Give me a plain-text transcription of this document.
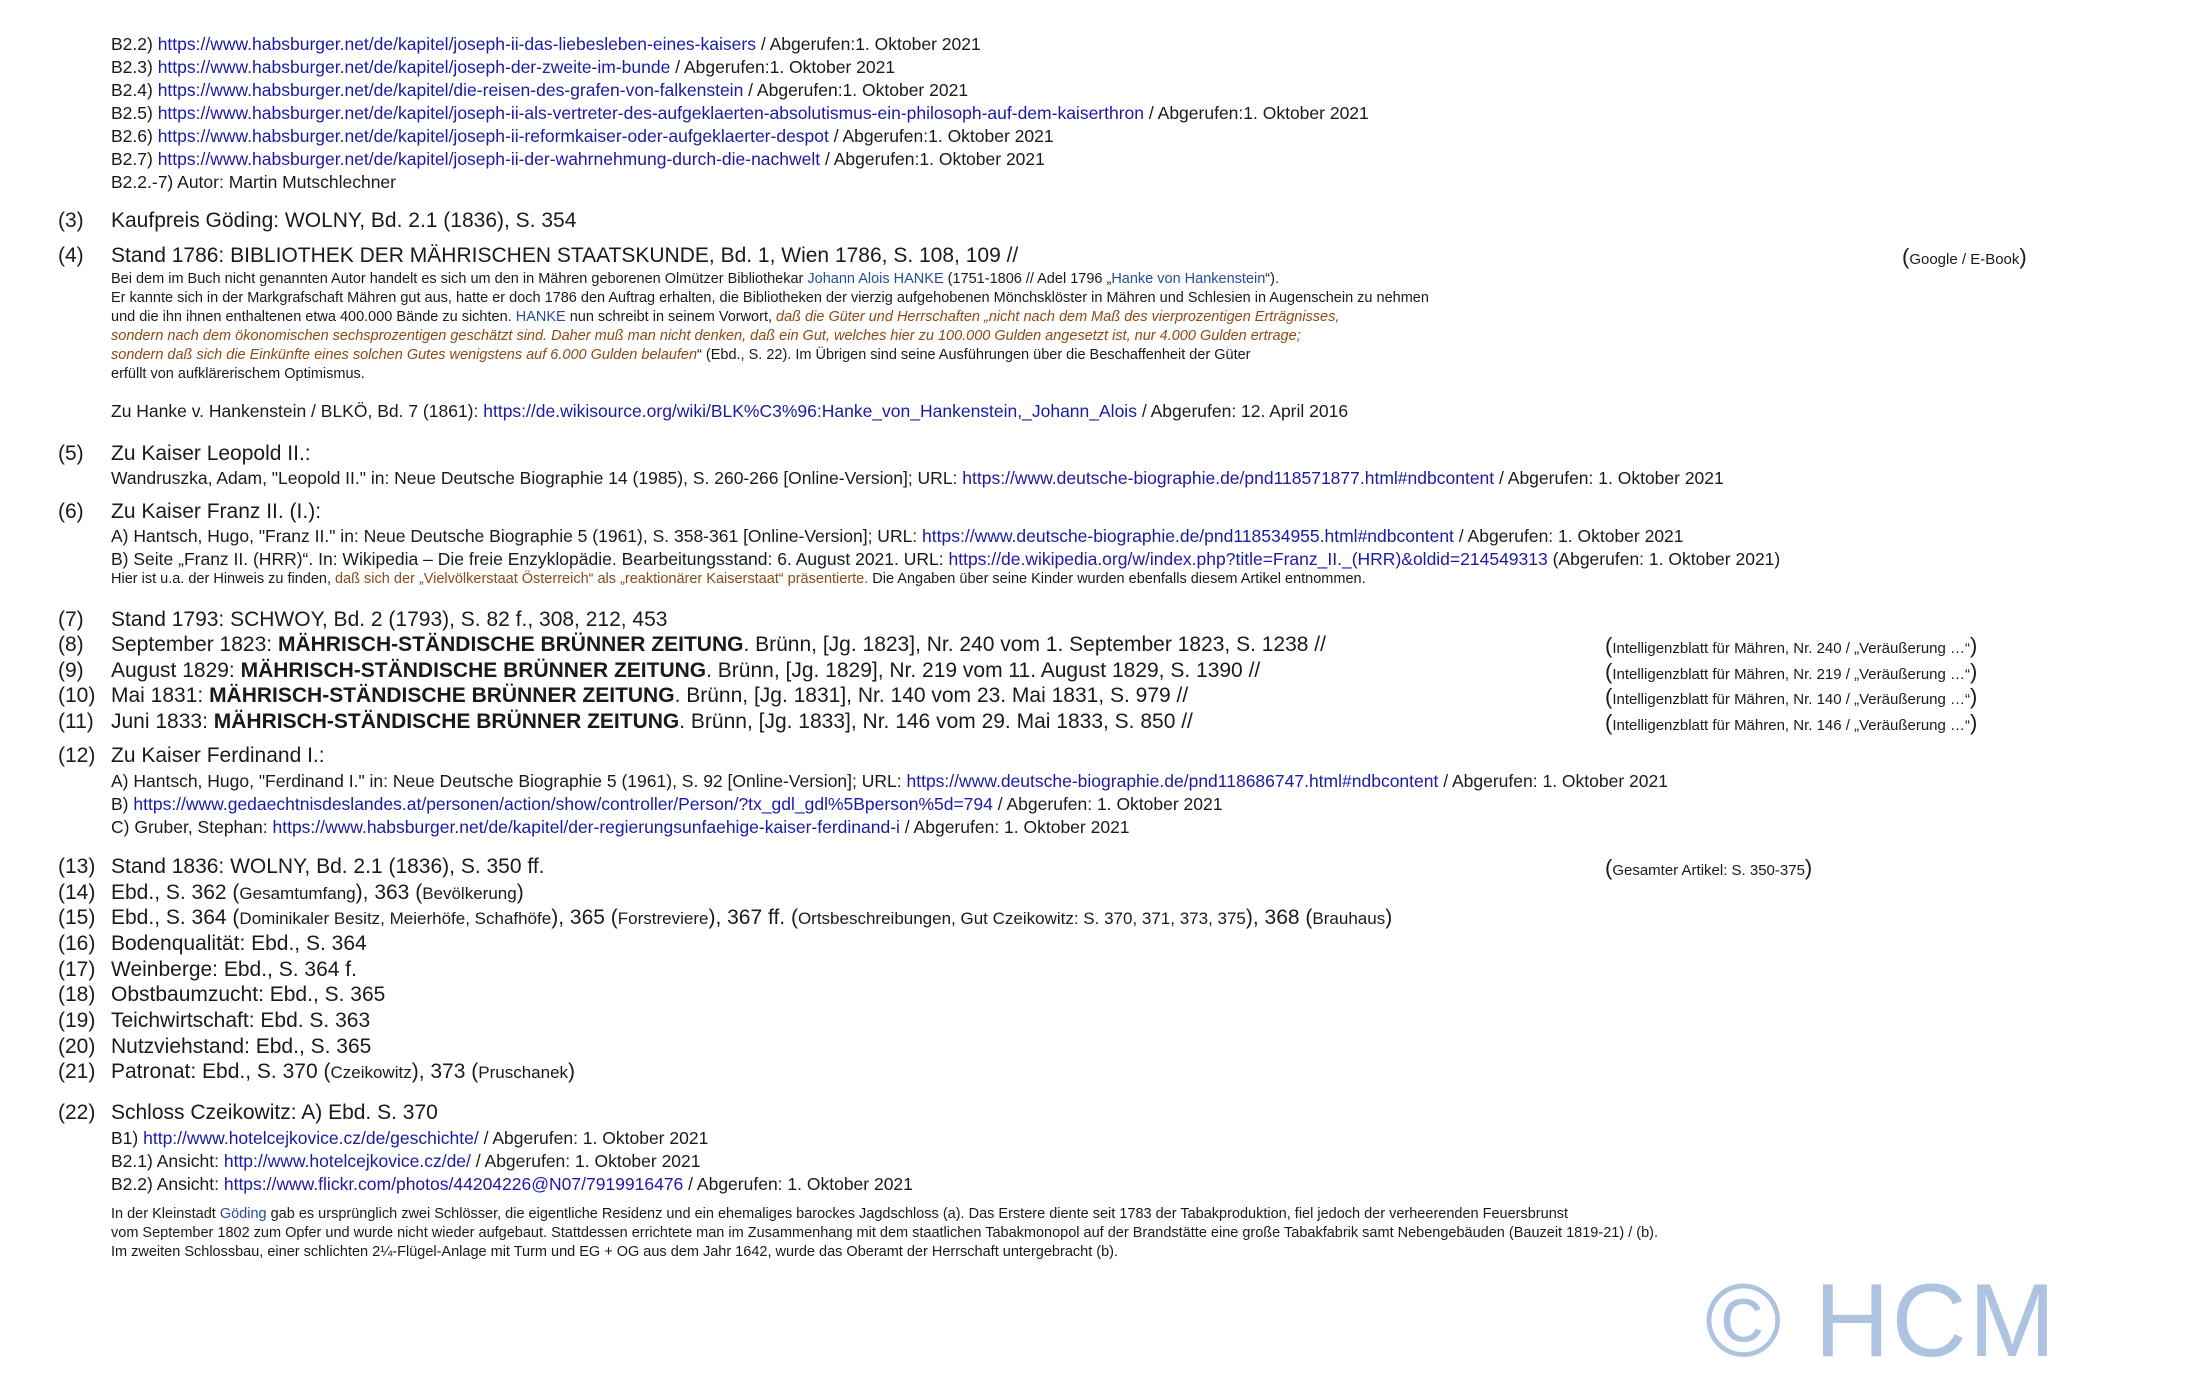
B2.2) https://www.habsburger.net/de/kapitel/joseph-ii-das-liebesleben-eines-kaisers / Abgerufen:1. Oktober 2021
B2.3) https://www.habsburger.net/de/kapitel/joseph-der-zweite-im-bunde / Abgerufen:1. Oktober 2021
B2.4) https://www.habsburger.net/de/kapitel/die-reisen-des-grafen-von-falkenstein / Abgerufen:1. Oktober 2021
B2.5) https://www.habsburger.net/de/kapitel/joseph-ii-als-vertreter-des-aufgeklaerten-absolutismus-ein-philosoph-auf-dem-kaiserthron / Abgerufen:1. Oktober 2021
B2.6) https://www.habsburger.net/de/kapitel/joseph-ii-reformkaiser-oder-aufgeklaerter-despot / Abgerufen:1. Oktober 2021
B2.7) https://www.habsburger.net/de/kapitel/joseph-ii-der-wahrnehmung-durch-die-nachwelt / Abgerufen:1. Oktober 2021
B2.2.-7) Autor: Martin Mutschlechner
(3) Kaufpreis Göding: WOLNY, Bd. 2.1 (1836), S. 354
(4) Stand 1786: BIBLIOTHEK DER MÄHRISCHEN STAATSKUNDE, Bd. 1, Wien 1786, S. 108, 109 //	(Google / E-Book)
Bei dem im Buch nicht genannten Autor handelt es sich um den in Mähren geborenen Olmützer Bibliothekar Johann Alois HANKE (1751-1806 // Adel 1796 „Hanke von Hankenstein“).
Er kannte sich in der Markgrafschaft Mähren gut aus, hatte er doch 1786 den Auftrag erhalten, die Bibliotheken der vierzig aufgehobenen Mönchsklöster in Mähren und Schlesien in Augenschein zu nehmen
und die ihn ihnen enthaltenen etwa 400.000 Bände zu sichten. HANKE nun schreibt in seinem Vorwort, daß die Güter und Herrschaften „nicht nach dem Maß des vierprozentigen Erträgnisses,
sondern nach dem ökonomischen sechsprozentigen geschätzt sind. Daher muß man nicht denken, daß ein Gut, welches hier zu 100.000 Gulden angesetzt ist, nur 4.000 Gulden ertrage;
sondern daß sich die Einkünfte eines solchen Gutes wenigstens auf 6.000 Gulden belaufen“ (Ebd., S. 22). Im Übrigen sind seine Ausführungen über die Beschaffenheit der Güter
erfüllt von aufklärerischem Optimismus.
Zu Hanke v. Hankenstein / BLKÖ, Bd. 7 (1861): https://de.wikisource.org/wiki/BLK%C3%96:Hanke_von_Hankenstein,_Johann_Alois / Abgerufen: 12. April 2016
(5) Zu Kaiser Leopold II.:
Wandruszka, Adam, "Leopold II." in: Neue Deutsche Biographie 14 (1985), S. 260-266 [Online-Version]; URL: https://www.deutsche-biographie.de/pnd118571877.html#ndbcontent / Abgerufen: 1. Oktober 2021
(6) Zu Kaiser Franz II. (I.):
A) Hantsch, Hugo, "Franz II." in: Neue Deutsche Biographie 5 (1961), S. 358-361 [Online-Version]; URL: https://www.deutsche-biographie.de/pnd118534955.html#ndbcontent / Abgerufen: 1. Oktober 2021
B) Seite „Franz II. (HRR)“. In: Wikipedia – Die freie Enzyklopädie. Bearbeitungsstand: 6. August 2021. URL: https://de.wikipedia.org/w/index.php?title=Franz_II._(HRR)&oldid=214549313 (Abgerufen: 1. Oktober 2021)
Hier ist u.a. der Hinweis zu finden, daß sich der „Vielvölkerstaat Österreich“ als „reaktionärer Kaiserstaat“ präsentierte. Die Angaben über seine Kinder wurden ebenfalls diesem Artikel entnommen.
(7) Stand 1793: SCHWOY, Bd. 2 (1793), S. 82 f., 308, 212, 453
(8) September 1823: MÄHRISCH-STÄNDISCHE BRÜNNER ZEITUNG. Brünn, [Jg. 1823], Nr. 240 vom 1. September 1823, S. 1238 //	(Intelligenzblatt für Mähren, Nr. 240 / „Veräußerung …“)
(9) August 1829: MÄHRISCH-STÄNDISCHE BRÜNNER ZEITUNG. Brünn, [Jg. 1829], Nr. 219 vom 11. August 1829, S. 1390 //	(Intelligenzblatt für Mähren, Nr. 219 / „Veräußerung …“)
(10) Mai 1831: MÄHRISCH-STÄNDISCHE BRÜNNER ZEITUNG. Brünn, [Jg. 1831], Nr. 140 vom 23. Mai 1831, S. 979 //	(Intelligenzblatt für Mähren, Nr. 140 / „Veräußerung …“)
(11) Juni 1833: MÄHRISCH-STÄNDISCHE BRÜNNER ZEITUNG. Brünn, [Jg. 1833], Nr. 146 vom 29. Mai 1833, S. 850 //	(Intelligenzblatt für Mähren, Nr. 146 / „Veräußerung …“)
(12) Zu Kaiser Ferdinand I.:
A) Hantsch, Hugo, "Ferdinand I." in: Neue Deutsche Biographie 5 (1961), S. 92 [Online-Version]; URL: https://www.deutsche-biographie.de/pnd118686747.html#ndbcontent / Abgerufen: 1. Oktober 2021
B) https://www.gedaechtnisdeslandes.at/personen/action/show/controller/Person/?tx_gdl_gdl%5Bperson%5d=794 / Abgerufen: 1. Oktober 2021
C) Gruber, Stephan: https://www.habsburger.net/de/kapitel/der-regierungsunfaehige-kaiser-ferdinand-i / Abgerufen: 1. Oktober 2021
(13) Stand 1836: WOLNY, Bd. 2.1 (1836), S. 350 ff.	(Gesamter Artikel: S. 350-375)
(14) Ebd., S. 362 (Gesamtumfang), 363 (Bevölkerung)
(15) Ebd., S. 364 (Dominikaler Besitz, Meierhöfe, Schafhöfe), 365 (Forstreviere), 367 ff. (Ortsbeschreibungen, Gut Czeikowitz: S. 370, 371, 373, 375), 368 (Brauhaus)
(16) Bodenqualität: Ebd., S. 364
(17) Weinberge: Ebd., S. 364 f.
(18) Obstbaumzucht: Ebd., S. 365
(19) Teichwirtschaft: Ebd. S. 363
(20) Nutzviehstand: Ebd., S. 365
(21) Patronat: Ebd., S. 370 (Czeikowitz), 373 (Pruschanek)
(22) Schloss Czeikowitz: A) Ebd. S. 370
B1) http://www.hotelcejkovice.cz/de/geschichte/ / Abgerufen: 1. Oktober 2021
B2.1) Ansicht: http://www.hotelcejkovice.cz/de/ / Abgerufen: 1. Oktober 2021
B2.2) Ansicht: https://www.flickr.com/photos/44204226@N07/7919916476 / Abgerufen: 1. Oktober 2021
In der Kleinstadt Göding gab es ursprünglich zwei Schlösser, die eigentliche Residenz und ein ehemaliges barockes Jagdschloss (a). Das Erstere diente seit 1783 der Tabakproduktion, fiel jedoch der verheerenden Feuersbrunst
vom September 1802 zum Opfer und wurde nicht wieder aufgebaut. Stattdessen errichtete man im Zusammenhang mit dem staatlichen Tabakmonopol auf der Brandstätte eine große Tabakfabrik samt Nebengebäuden (Bauzeit 1819-21) / (b).
Im zweiten Schlossbau, einer schlichten 2¼-Flügel-Anlage mit Turm und EG + OG aus dem Jahr 1642, wurde das Oberamt der Herrschaft untergebracht (b).
© HCM
